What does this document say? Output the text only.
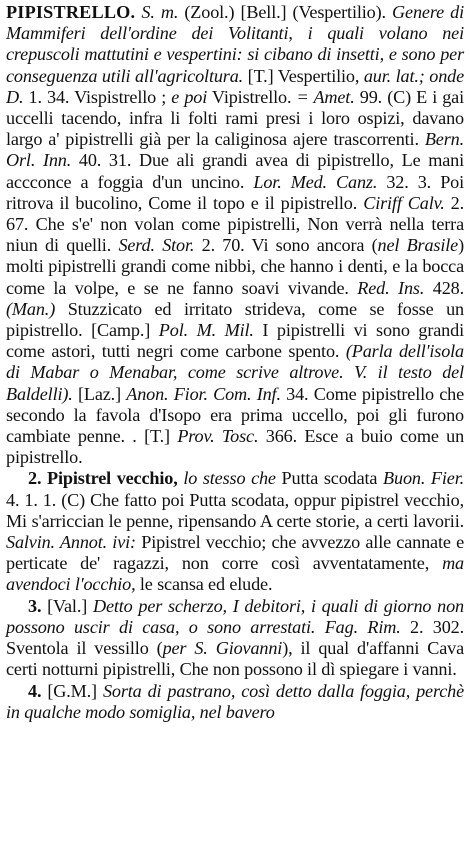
PIPISTRELLO. S. m. (Zool.) [Bell.] (Vespertilio). Genere di Mammiferi dell'ordine dei Volitanti, i quali volano nei crepuscoli mattutini e vespertini: si cibano di insetti, e sono per conseguenza utili all'agricoltura. [T.] Vespertilio, aur. lat.; onde D. 1. 34. Vispistrello ; e poi Vipistrello. = Amet. 99. (C) E i gai uccelli tacendo, infra li folti rami presi i loro ospizi, davano largo a' pipistrelli già per la caliginosa ajere trascorrenti. Bern. Orl. Inn. 40. 31. Due ali grandi avea di pipistrello, Le mani accconce a foggia d'un uncino. Lor. Med. Canz. 32. 3. Poi ritrova il bucolino, Come il topo e il pipistrello. Ciriff Calv. 2. 67. Che s'e' non volan come pipistrelli, Non verrà nella terra niun di quelli. Serd. Stor. 2. 70. Vi sono ancora (nel Brasile) molti pipistrelli grandi come nibbi, che hanno i denti, e la bocca come la volpe, e se ne fanno soavi vivande. Red. Ins. 428. (Man.) Stuzzicato ed irritato strideva, come se fosse un pipistrello. [Camp.] Pol. M. Mil. I pipistrelli vi sono grandi come astori, tutti negri come carbone spento. (Parla dell'isola di Mabar o Menabar, come scrive altrove. V. il testo del Baldelli). [Laz.] Anon. Fior. Com. Inf. 34. Come pipistrello che secondo la favola d'Isopo era prima uccello, poi gli furono cambiate penne. . [T.] Prov. Tosc. 366. Esce a buio come un pipistrello.

2. Pipistrel vecchio, lo stesso che Putta scodata Buon. Fier. 4. 1. 1. (C) Che fatto poi Putta scodata, oppur pipistrel vecchio, Mi s'arriccian le penne, ripensando A certe storie, a certi lavorii. Salvin. Annot. ivi: Pipistrel vecchio; che avvezzo alle cannate e perticate de' ragazzi, non corre così avventatamente, ma avendoci l'occhio, le scansa ed elude.

3. [Val.] Detto per scherzo, I debitori, i quali di giorno non possono uscir di casa, o sono arrestati. Fag. Rim. 2. 302. Sventola il vessillo (per S. Giovanni), il qual d'affanni Cava certi notturni pipistrelli, Che non possono il dì spiegare i vanni.

4. [G.M.] Sorta di pastrano, così detto dalla foggia, perchè in qualche modo somiglia, nel bavero
